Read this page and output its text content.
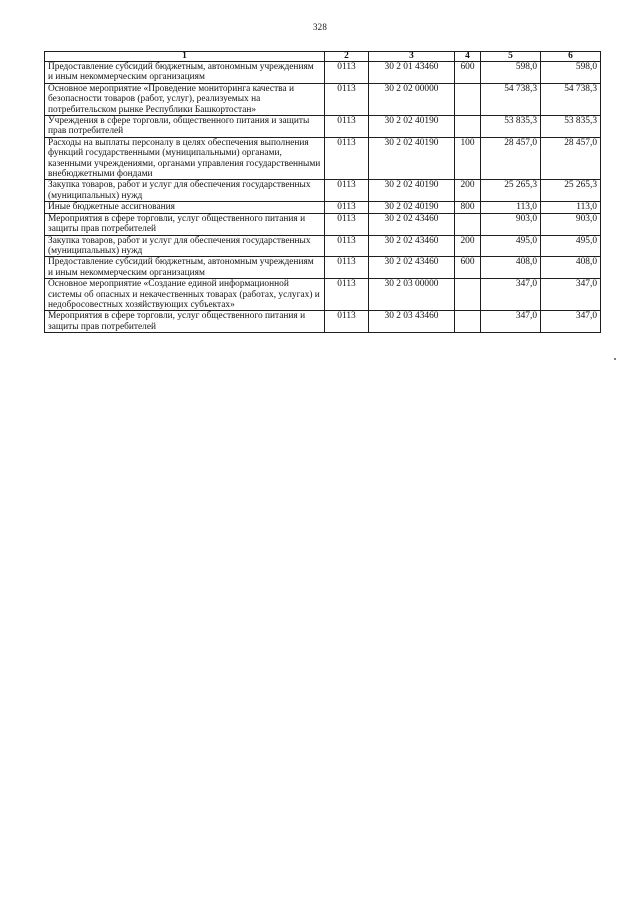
328
1	2	3	4	5	6
Предоставление субсидий бюджетным, автономным учреждениям и иным некоммерческим организациям	0113	30 2 01 43460	600	598,0	598,0
Основное мероприятие «Проведение мониторинга качества и безопасности товаров (работ, услуг), реализуемых на потребительском рынке Республики Башкортостан»	0113	30 2 02 00000		54 738,3	54 738,3
Учреждения в сфере торговли, общественного питания и защиты прав потребителей	0113	30 2 02 40190		53 835,3	53 835,3
Расходы на выплаты персоналу в целях обеспечения выполнения функций государственными (муниципальными) органами, казенными учреждениями, органами управления государственными внебюджетными фондами	0113	30 2 02 40190	100	28 457,0	28 457,0
Закупка товаров, работ и услуг для обеспечения государственных (муниципальных) нужд	0113	30 2 02 40190	200	25 265,3	25 265,3
Иные бюджетные ассигнования	0113	30 2 02 40190	800	113,0	113,0
Мероприятия в сфере торговли, услуг общественного питания и защиты прав потребителей	0113	30 2 02 43460		903,0	903,0
Закупка товаров, работ и услуг для обеспечения государственных (муниципальных) нужд	0113	30 2 02 43460	200	495,0	495,0
Предоставление субсидий бюджетным, автономным учреждениям и иным некоммерческим организациям	0113	30 2 02 43460	600	408,0	408,0
Основное мероприятие «Создание единой информационной системы об опасных и некачественных товарах (работах, услугах) и недобросовестных хозяйствующих субъектах»	0113	30 2 03 00000		347,0	347,0
Мероприятия в сфере торговли, услуг общественного питания и защиты прав потребителей	0113	30 2 03 43460		347,0	347,0
